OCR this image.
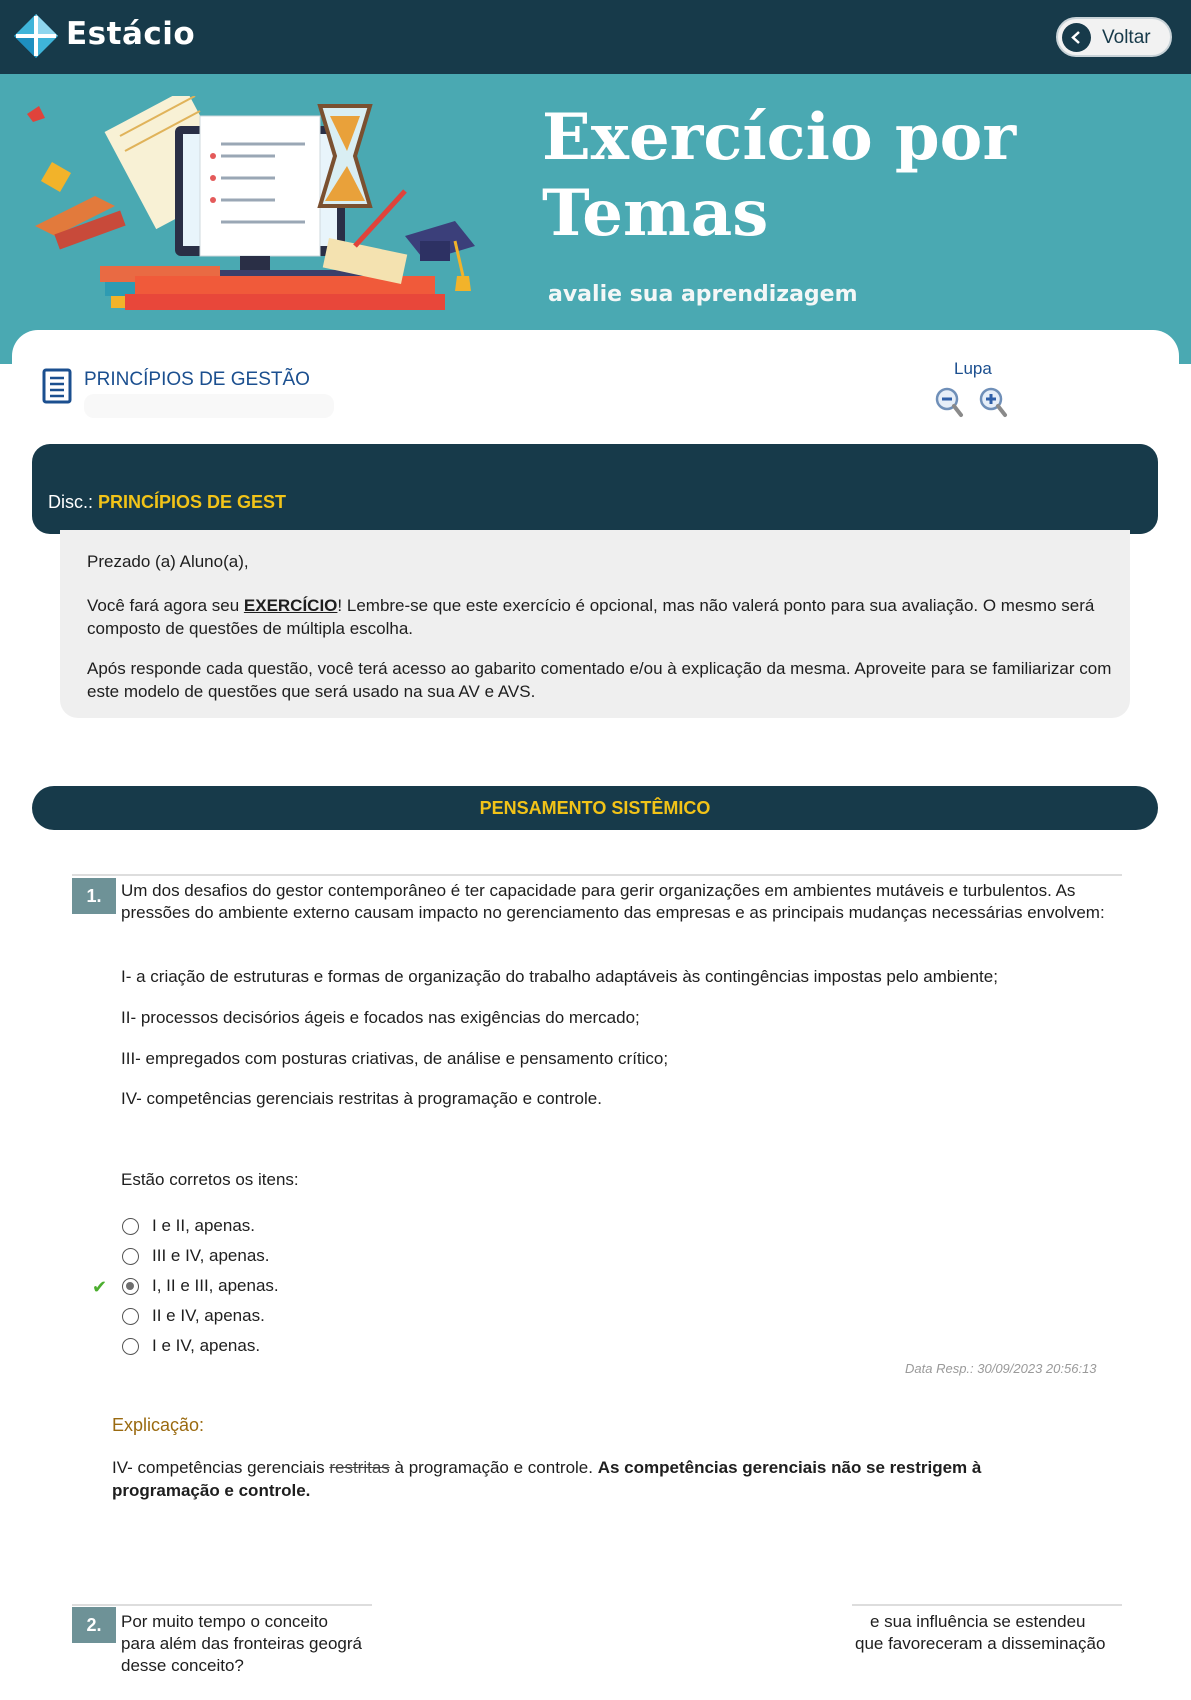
Estácio	Voltar
Exercício por
Temas
avalie sua aprendizagem
PRINCÍPIOS DE GESTÃO
Lupa
Disc.: PRINCÍPIOS DE GEST

Prezado (a) Aluno(a),

Você fará agora seu EXERCÍCIO! Lembre-se que este exercício é opcional, mas não valerá ponto para sua avaliação. O mesmo será composto de questões de múltipla escolha.

Após responde cada questão, você terá acesso ao gabarito comentado e/ou à explicação da mesma. Aproveite para se familiarizar com este modelo de questões que será usado na sua AV e AVS.

PENSAMENTO SISTÊMICO
1.	Um dos desafios do gestor contemporâneo é ter capacidade para gerir organizações em ambientes mutáveis e turbulentos. As pressões do ambiente externo causam impacto no gerenciamento das empresas e as principais mudanças necessárias envolvem:

I- a criação de estruturas e formas de organização do trabalho adaptáveis às contingências impostas pelo ambiente;

II- processos decisórios ágeis e focados nas exigências do mercado;

III- empregados com posturas criativas, de análise e pensamento crítico;

IV- competências gerenciais restritas à programação e controle.

Estão corretos os itens:

I e II, apenas.
III e IV, apenas.
I, II e III, apenas.
II e IV, apenas.
I e IV, apenas.
✔
Data Resp.: 30/09/2023 20:56:13
Explicação:

IV- competências gerenciais restritas à programação e controle. As competências gerenciais não se restrigem à programação e controle.

2.	Por muito tempo o conceito	e sua influência se estendeu
para além das fronteiras geográ	que favoreceram a disseminação
desse conceito?
